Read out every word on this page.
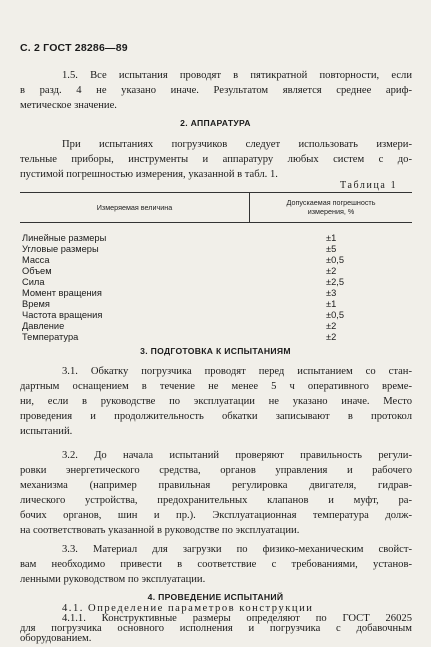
С. 2 ГОСТ 28286—89
1.5. Все испытания проводят в пятикратной повторности, если
в разд. 4 не указано иначе. Результатом является среднее ариф-
метическое значение.
2. АППАРАТУРА
При испытаниях погрузчиков следует использовать измери-
тельные приборы, инструменты и аппаратуру любых систем с до-
пустимой погрешностью измерения, указанной в табл. 1.
Таблица 1
Измеряемая величина
Допускаемая погрешность
измерения, %
Линейные размеры	±1
Угловые размеры	±5
Масса	±0,5
Объем	±2
Сила	±2,5
Момент вращения	±3
Время	±1
Частота вращения	±0,5
Давление	±2
Температура	±2
3. ПОДГОТОВКА К ИСПЫТАНИЯМ
3.1. Обкатку погрузчика проводят перед испытанием со стан-
дартным оснащением в течение не менее 5 ч оперативного време-
ни, если в руководстве по эксплуатации не указано иначе. Место
проведения и продолжительность обкатки записывают в протокол
испытаний.
3.2. До начала испытаний проверяют правильность регули-
ровки энергетического средства, органов управления и рабочего
механизма (например правильная регулировка двигателя, гидрав-
лического устройства, предохранительных клапанов и муфт, ра-
бочих органов, шин и пр.). Эксплуатационная температура долж-
на соответствовать указанной в руководстве по эксплуатации.
3.3. Материал для загрузки по физико-механическим свойст-
вам необходимо привести в соответствие с требованиями, установ-
ленными руководством по эксплуатации.
4. ПРОВЕДЕНИЕ ИСПЫТАНИЙ
4.1. Определение параметров конструкции
4.1.1. Конструктивные размеры определяют по ГОСТ 26025
для погрузчика основного исполнения и погрузчика с добавочным
оборудованием.
